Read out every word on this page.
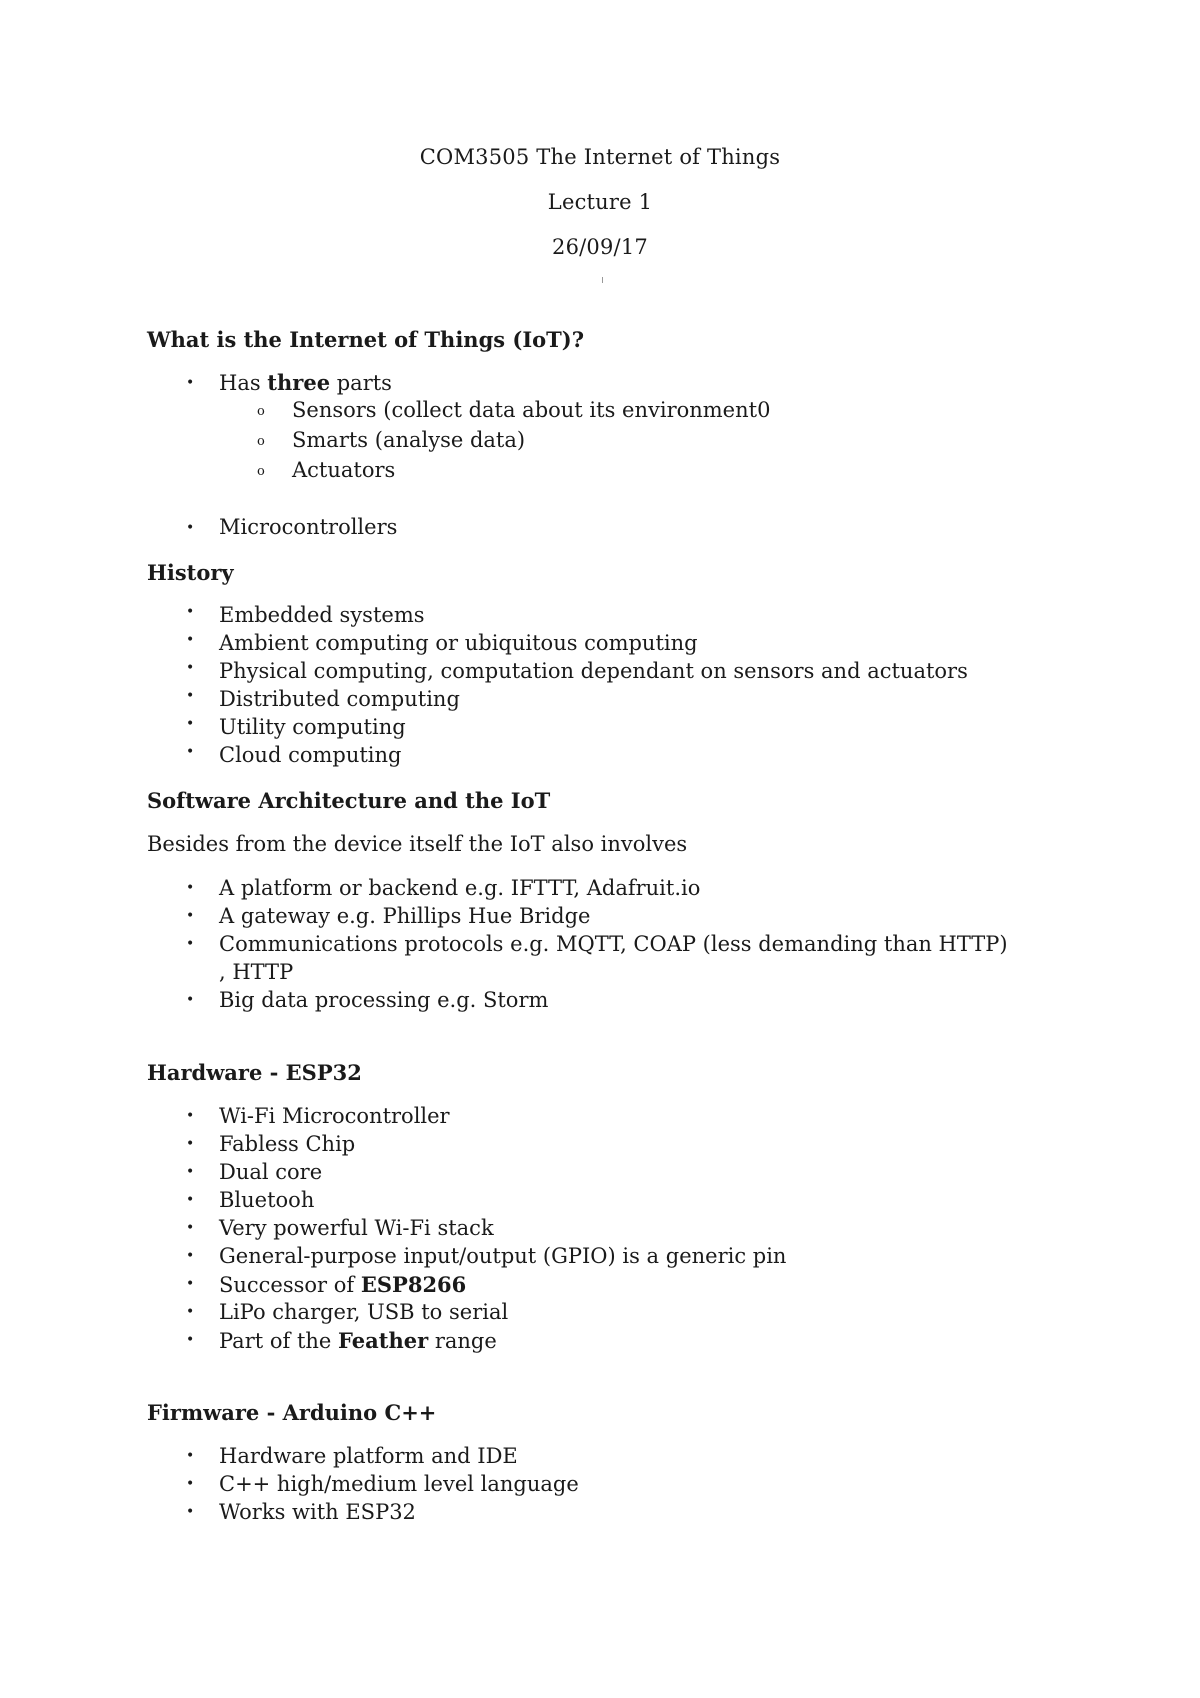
COM3505 The Internet of Things
Lecture 1
26/09/17
What is the Internet of Things (IoT)?
• Has three parts
o Sensors (collect data about its environment0
o Smarts (analyse data)
o Actuators
• Microcontrollers
History
• Embedded systems
• Ambient computing or ubiquitous computing
• Physical computing, computation dependant on sensors and actuators
• Distributed computing
• Utility computing
• Cloud computing
Software Architecture and the IoT
Besides from the device itself the IoT also involves
• A platform or backend e.g. IFTTT, Adafruit.io
• A gateway e.g. Phillips Hue Bridge
• Communications protocols e.g. MQTT, COAP (less demanding than HTTP)
, HTTP
• Big data processing e.g. Storm
Hardware - ESP32
• Wi-Fi Microcontroller
• Fabless Chip
• Dual core
• Bluetooh
• Very powerful Wi-Fi stack
• General-purpose input/output (GPIO) is a generic pin
• Successor of ESP8266
• LiPo charger, USB to serial
• Part of the Feather range
Firmware - Arduino C++
• Hardware platform and IDE
• C++ high/medium level language
• Works with ESP32
